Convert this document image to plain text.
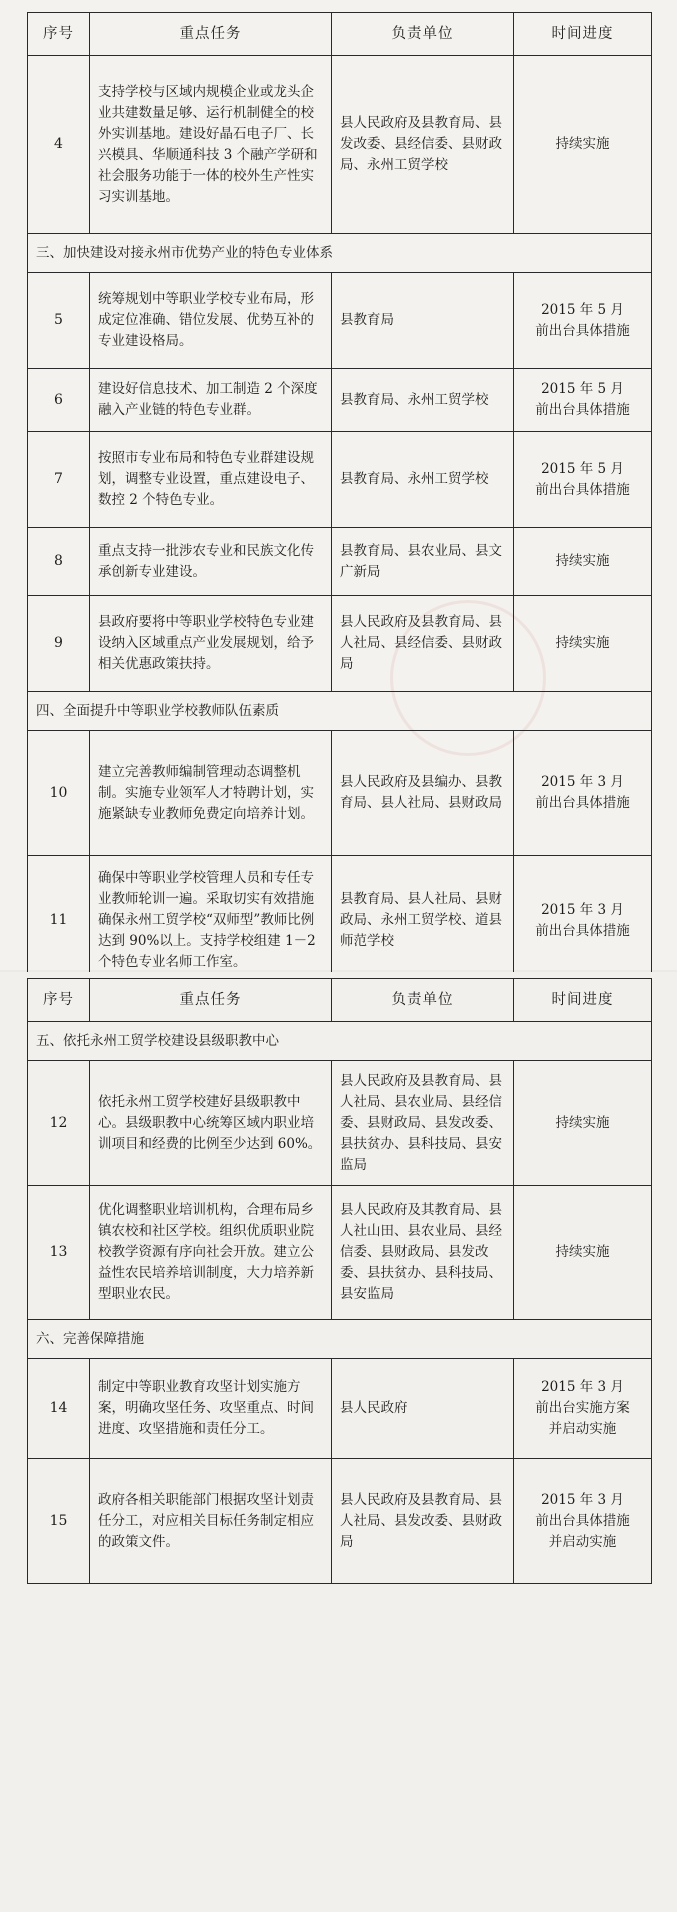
序号	重点任务	负责单位	时间进度
4	支持学校与区域内规模企业或龙头企业共建数量足够、运行机制健全的校外实训基地。建设好晶石电子厂、长兴模具、华顺通科技 3 个融产学研和社会服务功能于一体的校外生产性实习实训基地。	县人民政府及县教育局、县发改委、县经信委、县财政局、永州工贸学校	持续实施

三、加快建设对接永州市优势产业的特色专业体系			
5	统筹规划中等职业学校专业布局，形成定位准确、错位发展、优势互补的专业建设格局。	县教育局	2015 年 5 月
前出台具体措施

6	建设好信息技术、加工制造 2 个深度融入产业链的特色专业群。	县教育局、永州工贸学校	2015 年 5 月
前出台具体措施

7	按照市专业布局和特色专业群建设规划，调整专业设置，重点建设电子、数控 2 个特色专业。	县教育局、永州工贸学校	2015 年 5 月
前出台具体措施

8	重点支持一批涉农专业和民族文化传承创新专业建设。	县教育局、县农业局、县文广新局	持续实施

9	县政府要将中等职业学校特色专业建设纳入区域重点产业发展规划，给予相关优惠政策扶持。	县人民政府及县教育局、县人社局、县经信委、县财政局	持续实施

四、全面提升中等职业学校教师队伍素质			
10	建立完善教师编制管理动态调整机制。实施专业领军人才特聘计划，实施紧缺专业教师免费定向培养计划。	县人民政府及县编办、县教育局、县人社局、县财政局	2015 年 3 月
前出台具体措施

11	确保中等职业学校管理人员和专任专业教师轮训一遍。采取切实有效措施确保永州工贸学校“双师型”教师比例达到 90%以上。支持学校组建 1－2 个特色专业名师工作室。	县教育局、县人社局、县财政局、永州工贸学校、道县师范学校	2015 年 3 月
前出台具体措施

序号	重点任务	负责单位	时间进度
五、依托永州工贸学校建设县级职教中心			
12	依托永州工贸学校建好县级职教中心。县级职教中心统筹区域内职业培训项目和经费的比例至少达到 60%。	县人民政府及县教育局、县人社局、县农业局、县经信委、县财政局、县发改委、县扶贫办、县科技局、县安监局	持续实施

13	优化调整职业培训机构，合理布局乡镇农校和社区学校。组织优质职业院校教学资源有序向社会开放。建立公益性农民培养培训制度，大力培养新型职业农民。	县人民政府及其教育局、县人社山田、县农业局、县经信委、县财政局、县发改委、县扶贫办、县科技局、县安监局	持续实施

六、完善保障措施			
14	制定中等职业教育攻坚计划实施方案，明确攻坚任务、攻坚重点、时间进度、攻坚措施和责任分工。	县人民政府	2015 年 3 月
前出台实施方案
并启动实施

15	政府各相关职能部门根据攻坚计划责任分工，对应相关目标任务制定相应的政策文件。	县人民政府及县教育局、县人社局、县发改委、县财政局	2015 年 3 月
前出台具体措施
并启动实施
